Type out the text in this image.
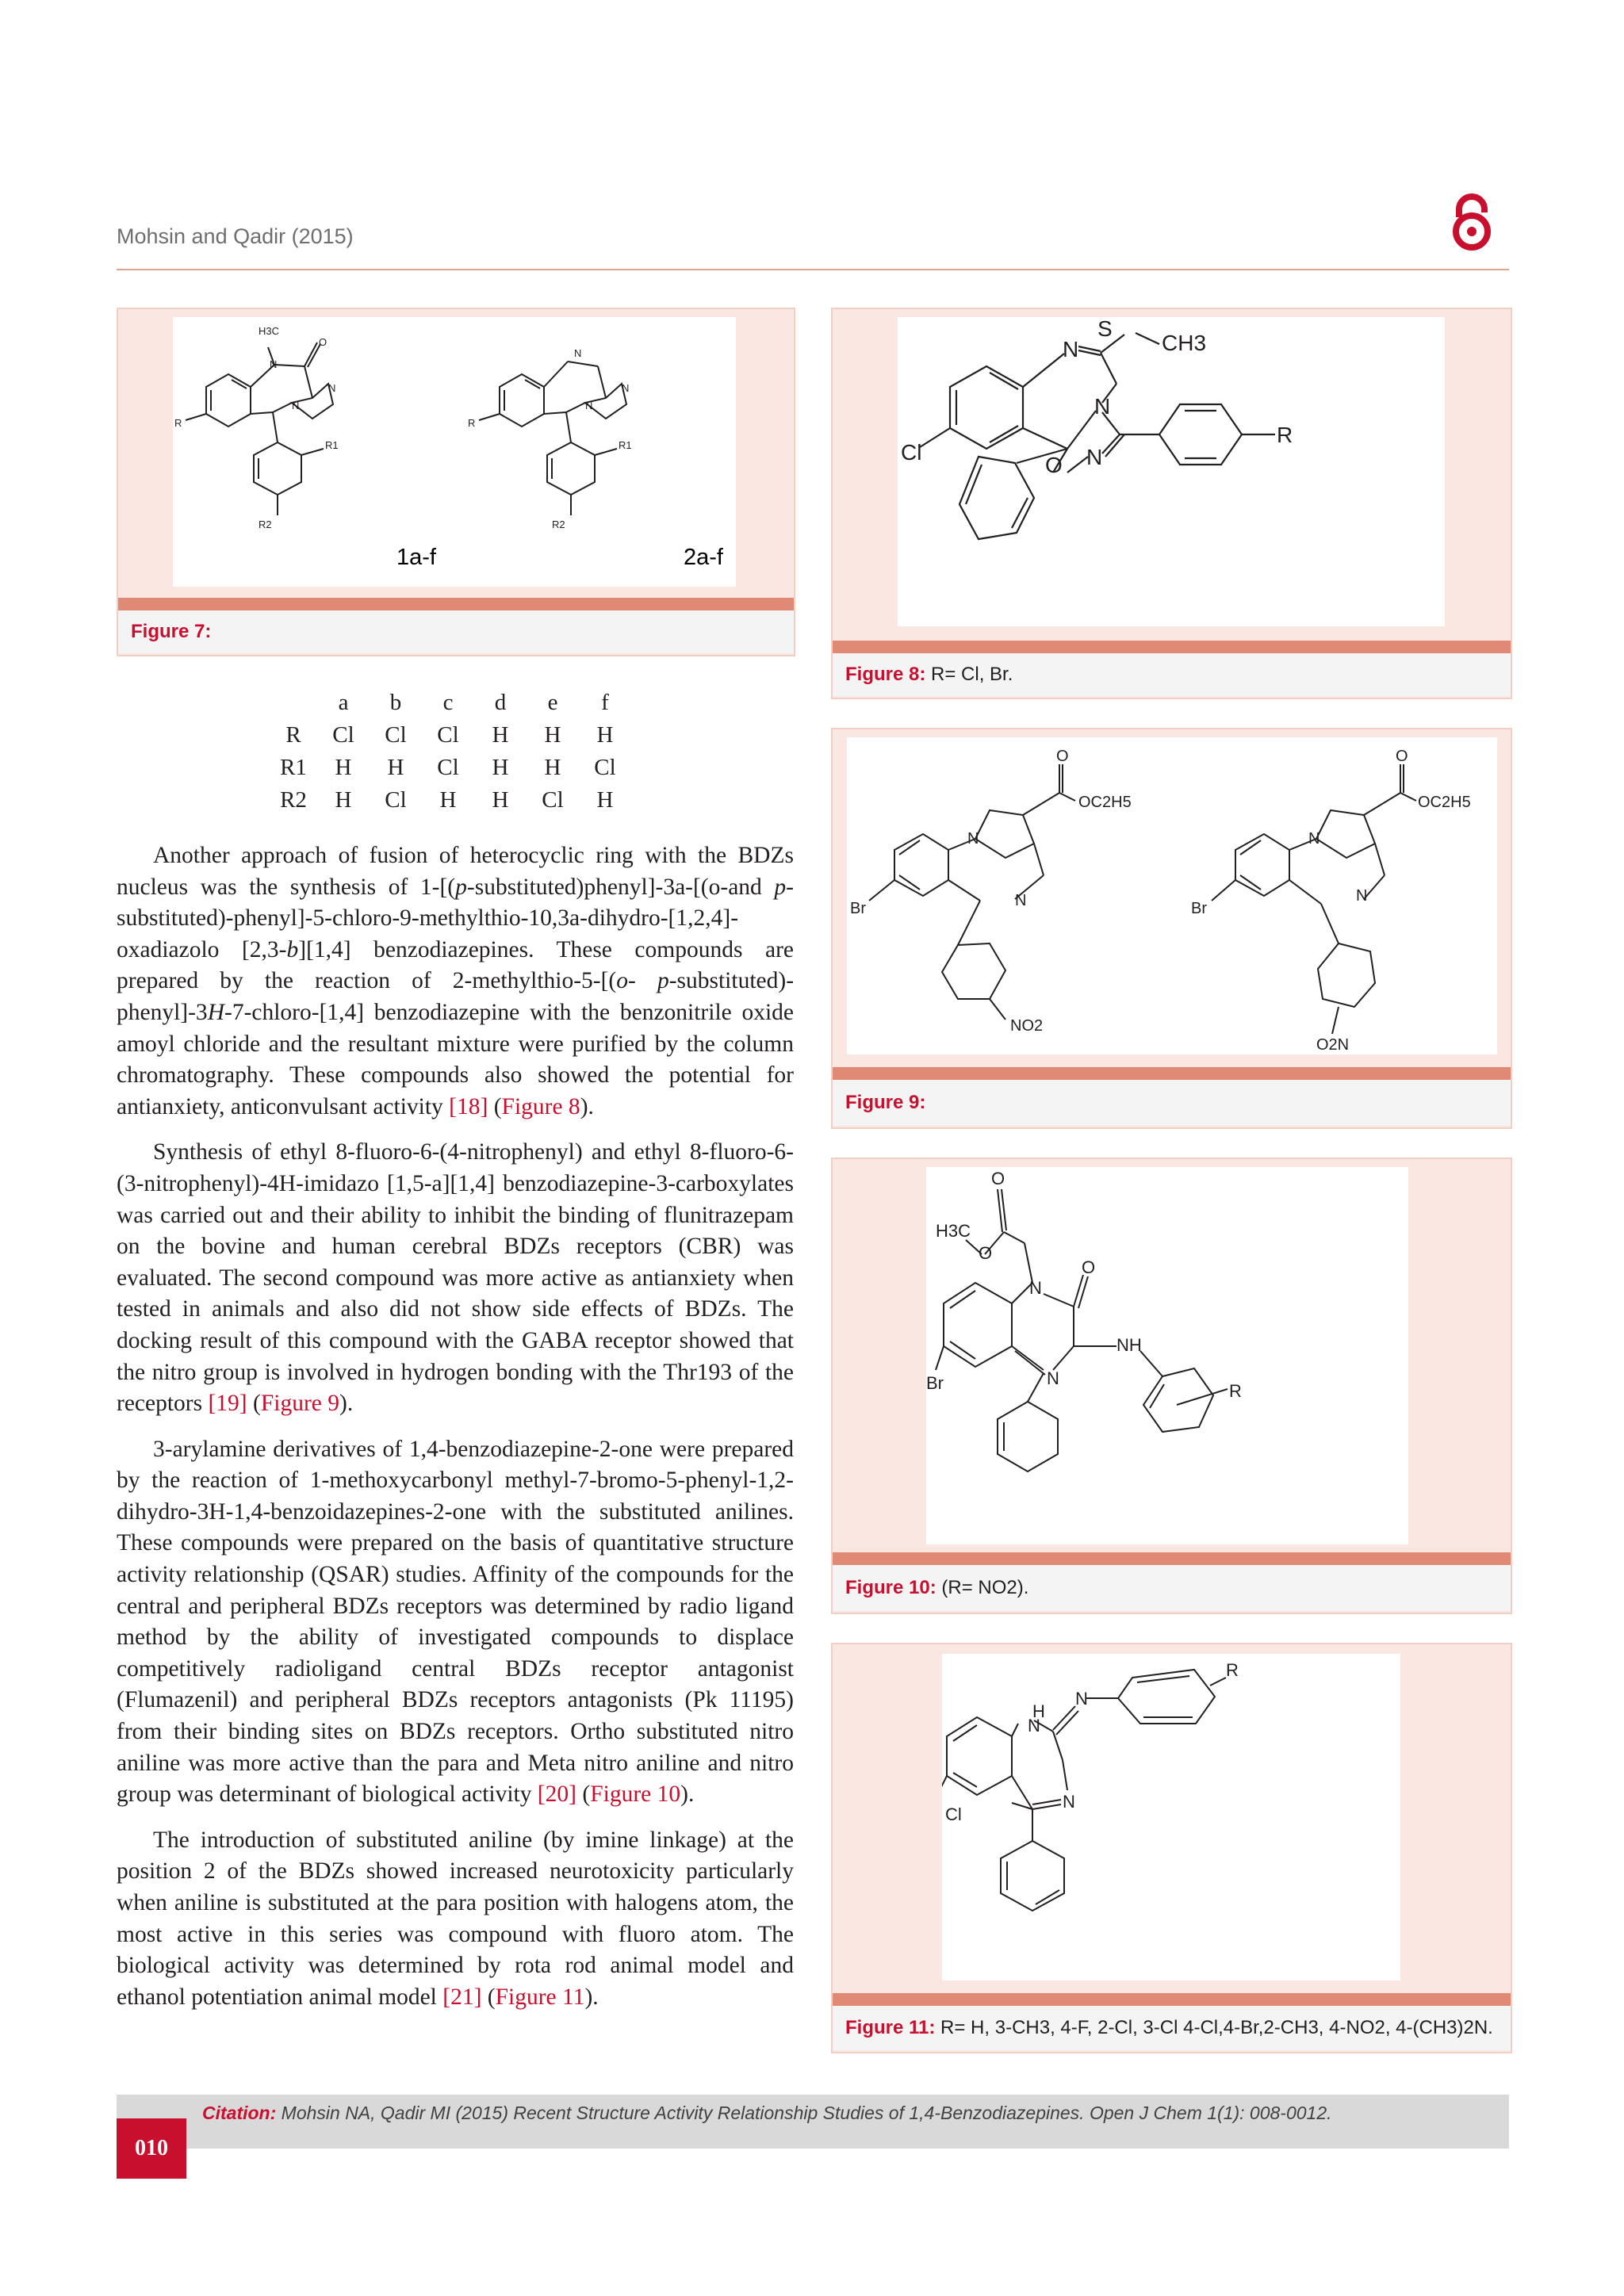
Mohsin and Qadir (2015)
H3C
N
O
N
N
R
R1
R2
N
N
N
R
R1
R2
1a-f	2a-f
Figure 7:
	a	b	c	d	e	f
R	Cl	Cl	Cl	H	H	H
R1	H	H	Cl	H	H	Cl
R2	H	Cl	H	H	Cl	H

Another approach of fusion of heterocyclic ring with the BDZs nucleus was the synthesis of 1-[(p-substituted)phenyl]-3a-[(o-and p-substituted)-phenyl]-5-chloro-9-methylthio-10,3a-dihydro-[1,2,4]-oxadiazolo [2,3-b][1,4] benzodiazepines. These compounds are prepared by the reaction of 2-methylthio-5-[(o- p-substituted)-phenyl]-3H-7-chloro-[1,4] benzodiazepine with the benzonitrile oxide amoyl chloride and the resultant mixture were purified by the column chromatography. These compounds also showed the potential for antianxiety, anticonvulsant activity [18] (Figure 8).

Synthesis of ethyl 8-fluoro-6-(4-nitrophenyl) and ethyl 8-fluoro-6-(3-nitrophenyl)-4H-imidazo [1,5-a][1,4] benzodiazepine-3-carboxylates was carried out and their ability to inhibit the binding of flunitrazepam on the bovine and human cerebral BDZs receptors (CBR) was evaluated. The second compound was more active as antianxiety when tested in animals and also did not show side effects of BDZs. The docking result of this compound with the GABA receptor showed that the nitro group is involved in hydrogen bonding with the Thr193 of the receptors [19] (Figure 9).

3-arylamine derivatives of 1,4-benzodiazepine-2-one were prepared by the reaction of 1-methoxycarbonyl methyl-7-bromo-5-phenyl-1,2-dihydro-3H-1,4-benzoidazepines-2-one with the substituted anilines. These compounds were prepared on the basis of quantitative structure activity relationship (QSAR) studies. Affinity of the compounds for the central and peripheral BDZs receptors was determined by radio ligand method by the ability of investigated compounds to displace competitively radioligand central BDZs receptor antagonist (Flumazenil) and peripheral BDZs receptors antagonists (Pk 11195) from their binding sites on BDZs receptors. Ortho substituted nitro aniline was more active than the para and Meta nitro aniline and nitro group was determinant of biological activity [20] (Figure 10).

The introduction of substituted aniline (by imine linkage) at the position 2 of the BDZs showed increased neurotoxicity particularly when aniline is substituted at the para position with halogens atom, the most active in this series was compound with fluoro atom. The biological activity was determined by rota rod animal model and ethanol potentiation animal model [21] (Figure 11).

S
CH3
N
N
N
O
Cl
R
Figure 8: R= Cl, Br.
O
OC2H5
N
N
Br
NO2
O
OC2H5
N
N
Br
O2N
Figure 9:
O
H3C
O
N
O
NH
N
Br	R
Figure 10: (R= NO2).
R
N
H
N
N
Cl
Figure 11: R= H, 3-CH3, 4-F, 2-Cl, 3-Cl 4-Cl,4-Br,2-CH3, 4-NO2, 4-(CH3)2N.
Citation: Mohsin NA, Qadir MI (2015) Recent Structure Activity Relationship Studies of 1,4-Benzodiazepines. Open J Chem 1(1): 008-0012.
010
